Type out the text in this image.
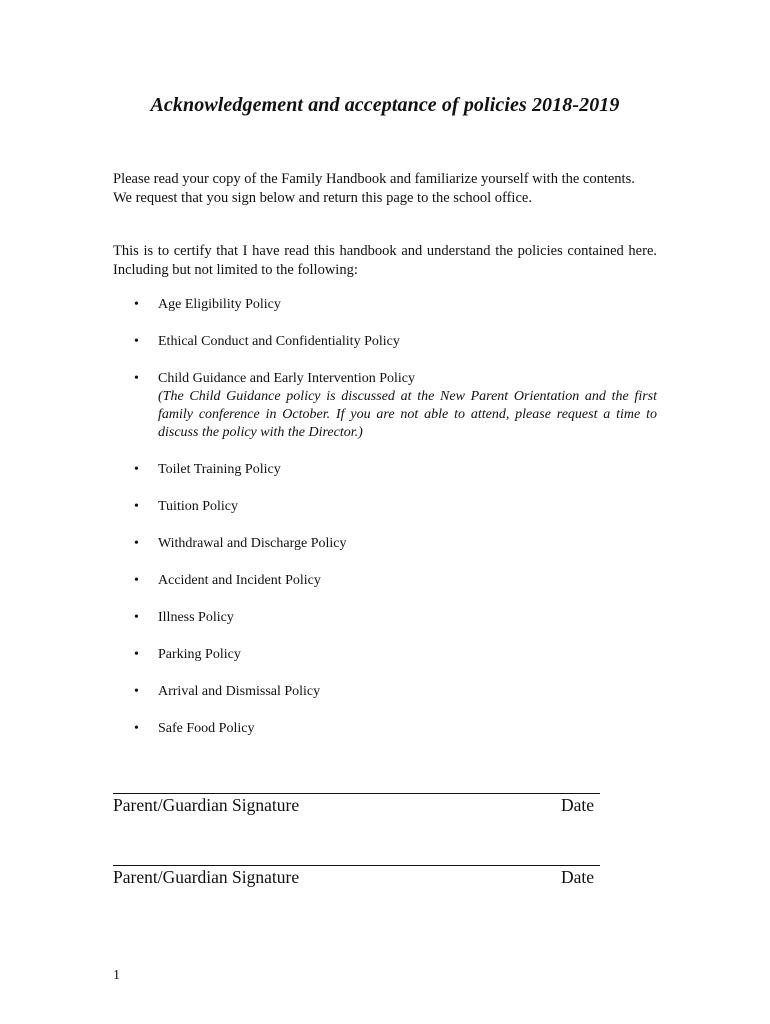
Acknowledgement and acceptance of policies 2018-2019

Please read your copy of the Family Handbook and familiarize yourself with the contents.

We request that you sign below and return this page to the school office.

This is to certify that I have read this handbook and understand the policies contained here. Including but not limited to the following:

• Age Eligibility Policy
• Ethical Conduct and Confidentiality Policy
• Child Guidance and Early Intervention Policy
(The Child Guidance policy is discussed at the New Parent Orientation and the first family conference in October. If you are not able to attend, please request a time to discuss the policy with the Director.)
• Toilet Training Policy
• Tuition Policy
• Withdrawal and Discharge Policy
• Accident and Incident Policy
• Illness Policy
• Parking Policy
• Arrival and Dismissal Policy
• Safe Food Policy
Parent/Guardian Signature	Date
Parent/Guardian Signature	Date
1
